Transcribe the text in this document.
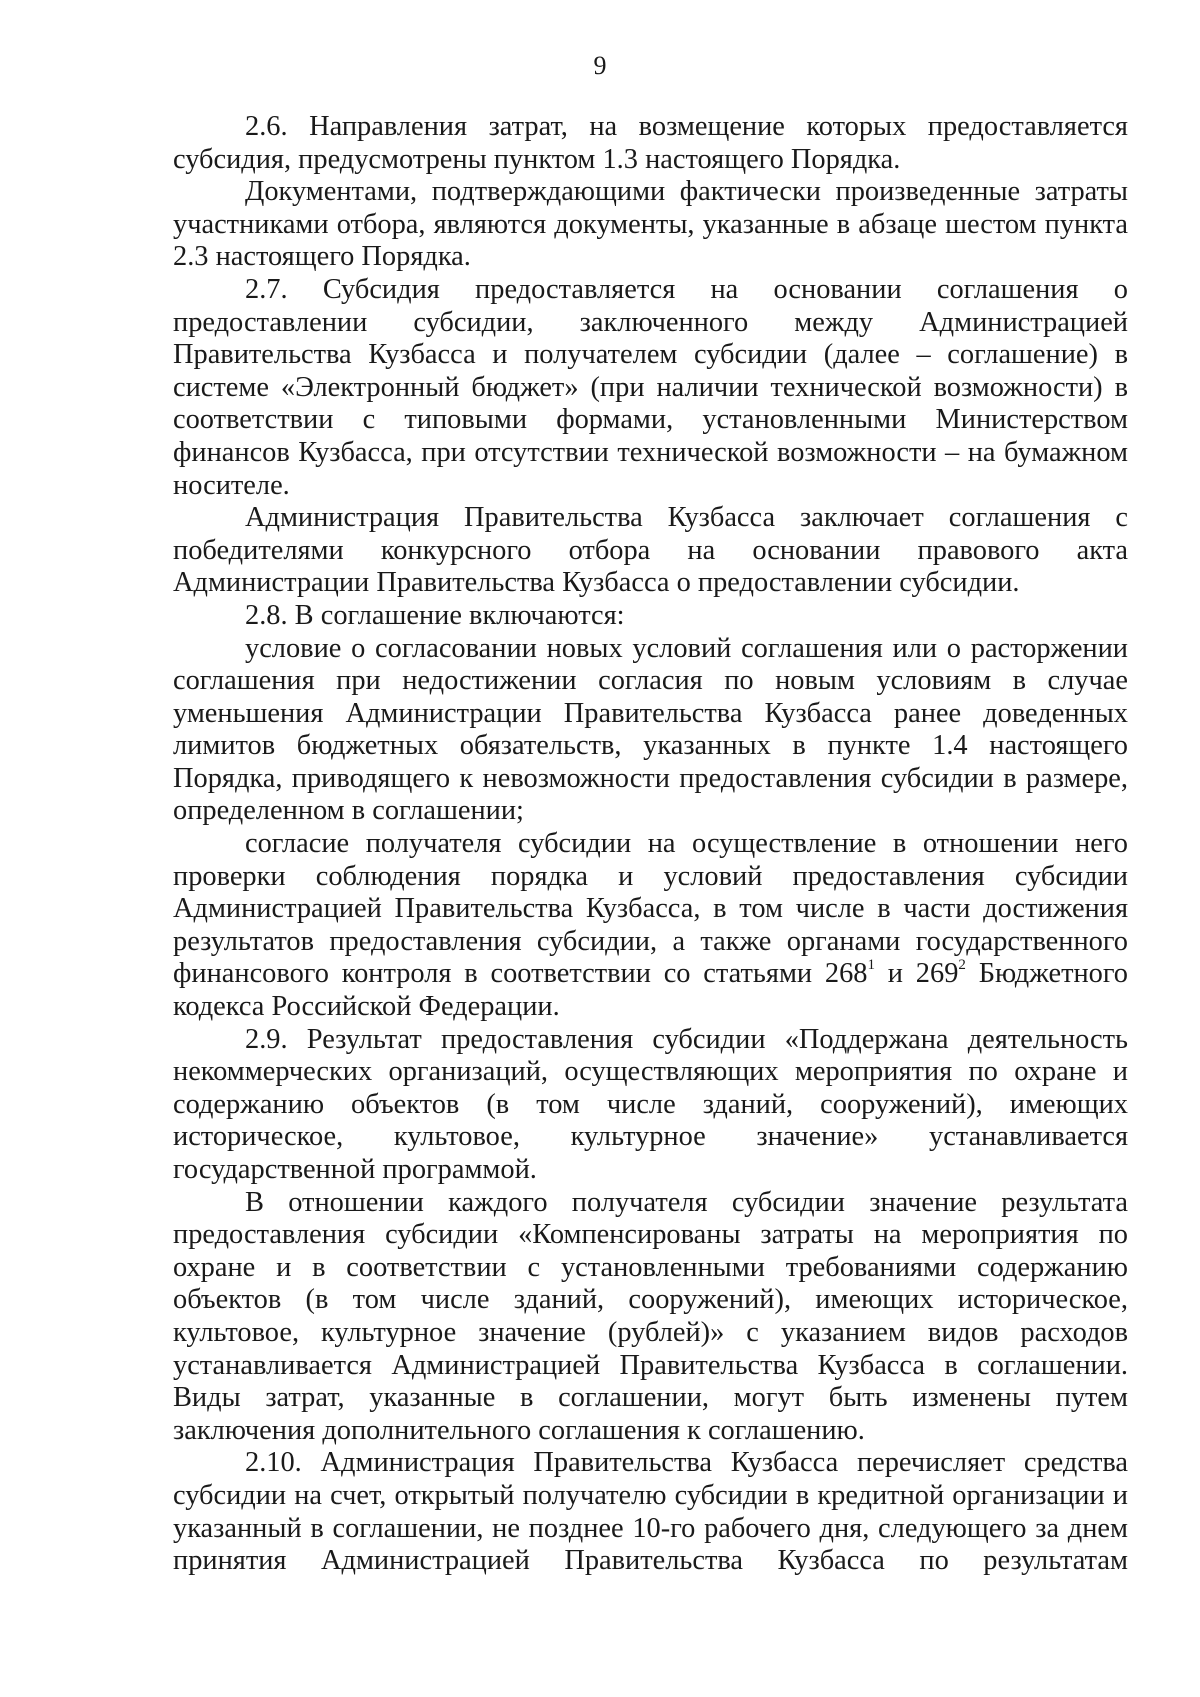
9

2.6. Направления затрат, на возмещение которых предоставляется субсидия, предусмотрены пунктом 1.3 настоящего Порядка.

Документами, подтверждающими фактически произведенные затраты участниками отбора, являются документы, указанные в абзаце шестом пункта 2.3 настоящего Порядка.

2.7. Субсидия предоставляется на основании соглашения о предоставлении субсидии, заключенного между Администрацией Правительства Кузбасса и получателем субсидии (далее – соглашение) в системе «Электронный бюджет» (при наличии технической возможности) в соответствии с типовыми формами, установленными Министерством финансов Кузбасса, при отсутствии технической возможности – на бумажном носителе.

Администрация Правительства Кузбасса заключает соглашения с победителями конкурсного отбора на основании правового акта Администрации Правительства Кузбасса о предоставлении субсидии.

2.8. В соглашение включаются:

условие о согласовании новых условий соглашения или о расторжении соглашения при недостижении согласия по новым условиям в случае уменьшения Администрации Правительства Кузбасса ранее доведенных лимитов бюджетных обязательств, указанных в пункте 1.4 настоящего Порядка, приводящего к невозможности предоставления субсидии в размере, определенном в соглашении;

согласие получателя субсидии на осуществление в отношении него проверки соблюдения порядка и условий предоставления субсидии Администрацией Правительства Кузбасса, в том числе в части достижения результатов предоставления субсидии, а также органами государственного финансового контроля в соответствии со статьями $268^1$ и $269^2$ Бюджетного кодекса Российской Федерации.

2.9. Результат предоставления субсидии «Поддержана деятельность некоммерческих организаций, осуществляющих мероприятия по охране и содержанию объектов (в том числе зданий, сооружений), имеющих историческое, культовое, культурное значение» устанавливается государственной программой.

В отношении каждого получателя субсидии значение результата предоставления субсидии «Компенсированы затраты на мероприятия по охране и в соответствии с установленными требованиями содержанию объектов (в том числе зданий, сооружений), имеющих историческое, культовое, культурное значение (рублей)» с указанием видов расходов устанавливается Администрацией Правительства Кузбасса в соглашении. Виды затрат, указанные в соглашении, могут быть изменены путем заключения дополнительного соглашения к соглашению.

2.10. Администрация Правительства Кузбасса перечисляет средства субсидии на счет, открытый получателю субсидии в кредитной организации и указанный в соглашении, не позднее 10-го рабочего дня, следующего за днем принятия Администрацией Правительства Кузбасса по результатам
